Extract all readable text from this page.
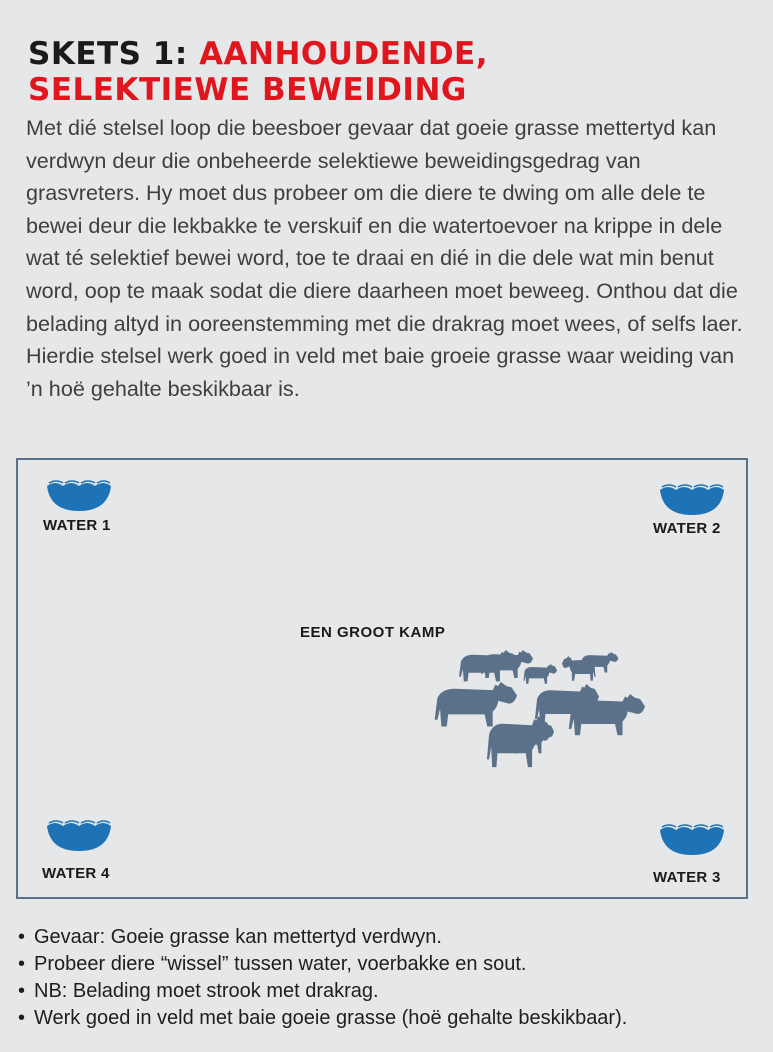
SKETS 1: AANHOUDENDE,
SELEKTIEWE BEWEIDING

Met dié stelsel loop die beesboer gevaar dat goeie grasse mettertyd kan verdwyn deur die onbeheerde selektiewe beweidingsgedrag van grasvreters. Hy moet dus probeer om die diere te dwing om alle dele te bewei deur die lekbakke te verskuif en die watertoevoer na krippe in dele wat té selektief bewei word, toe te draai en dié in die dele wat min benut word, oop te maak sodat die diere daarheen moet beweeg. Onthou dat die belading altyd in ooreenstemming met die drakrag moet wees, of selfs laer. Hierdie stelsel werk goed in veld met baie groeie grasse waar weiding van ’n hoë gehalte beskikbaar is.

WATER 1	WATER 2
WATER 3
WATER 4
EEN GROOT KAMP
• Gevaar: Goeie grasse kan mettertyd verdwyn.
• Probeer diere “wissel” tussen water, voerbakke en sout.
• NB: Belading moet strook met drakrag.
• Werk goed in veld met baie goeie grasse (hoë gehalte beskikbaar).
